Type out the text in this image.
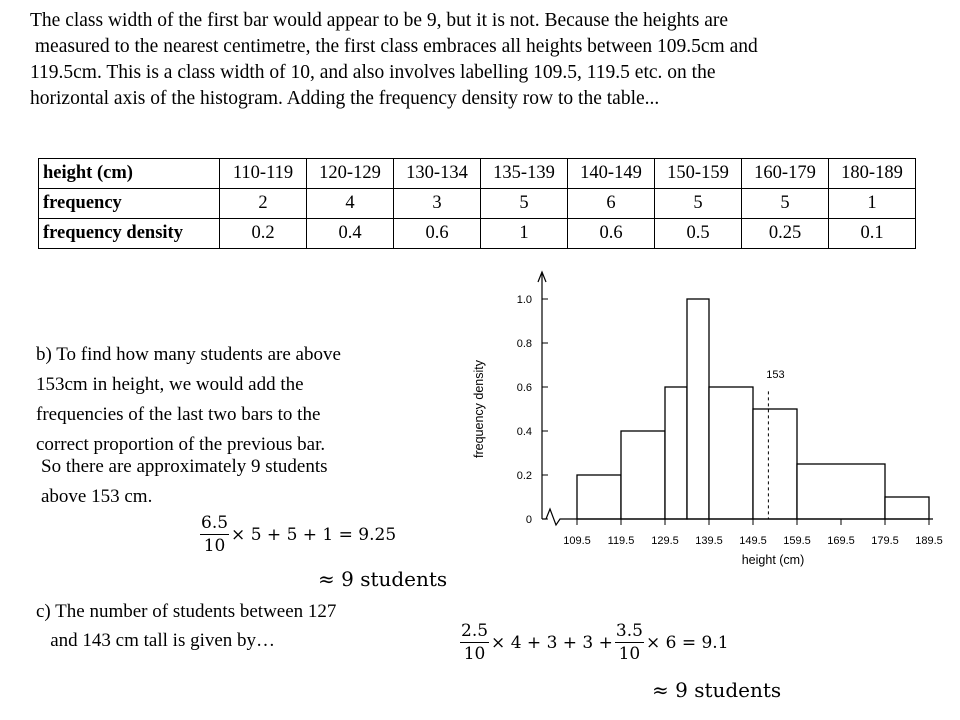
The class width of the first bar would appear to be 9, but it is not. Because the heights are

measured to the nearest centimetre, the first class embraces all heights between 109.5cm and

119.5cm. This is a class width of 10, and also involves labelling 109.5, 119.5 etc. on the

horizontal axis of the histogram. Adding the frequency density row to the table...

height (cm)	110-119	120-129	130-134	135-139	140-149	150-159	160-179	180-189
frequency	2	4	3	5	6	5	5	1
frequency density	0.2	0.4	0.6	1	0.6	0.5	0.25	0.1
b) To find how many students are above
153cm in height, we would add the
frequencies of the last two bars to the
correct proportion of the previous bar.
So there are approximately 9 students
above 153 cm.
$\frac{6.5}{10} \times 5 + 5 + 1 = 9.25$
≈ 9 students
c) The number of students between 127
and 143 cm tall is given by…	$\frac{2.5}{10} \times 4 + 3 + 3 + \frac{3.5}{10} \times 6 = 9.1$
≈ 9 students
0
0.2
0.4
0.6
0.8
1.0
109.5 119.5 129.5 139.5 149.5 159.5 169.5 179.5 189.5
height (cm)
frequency density	153
